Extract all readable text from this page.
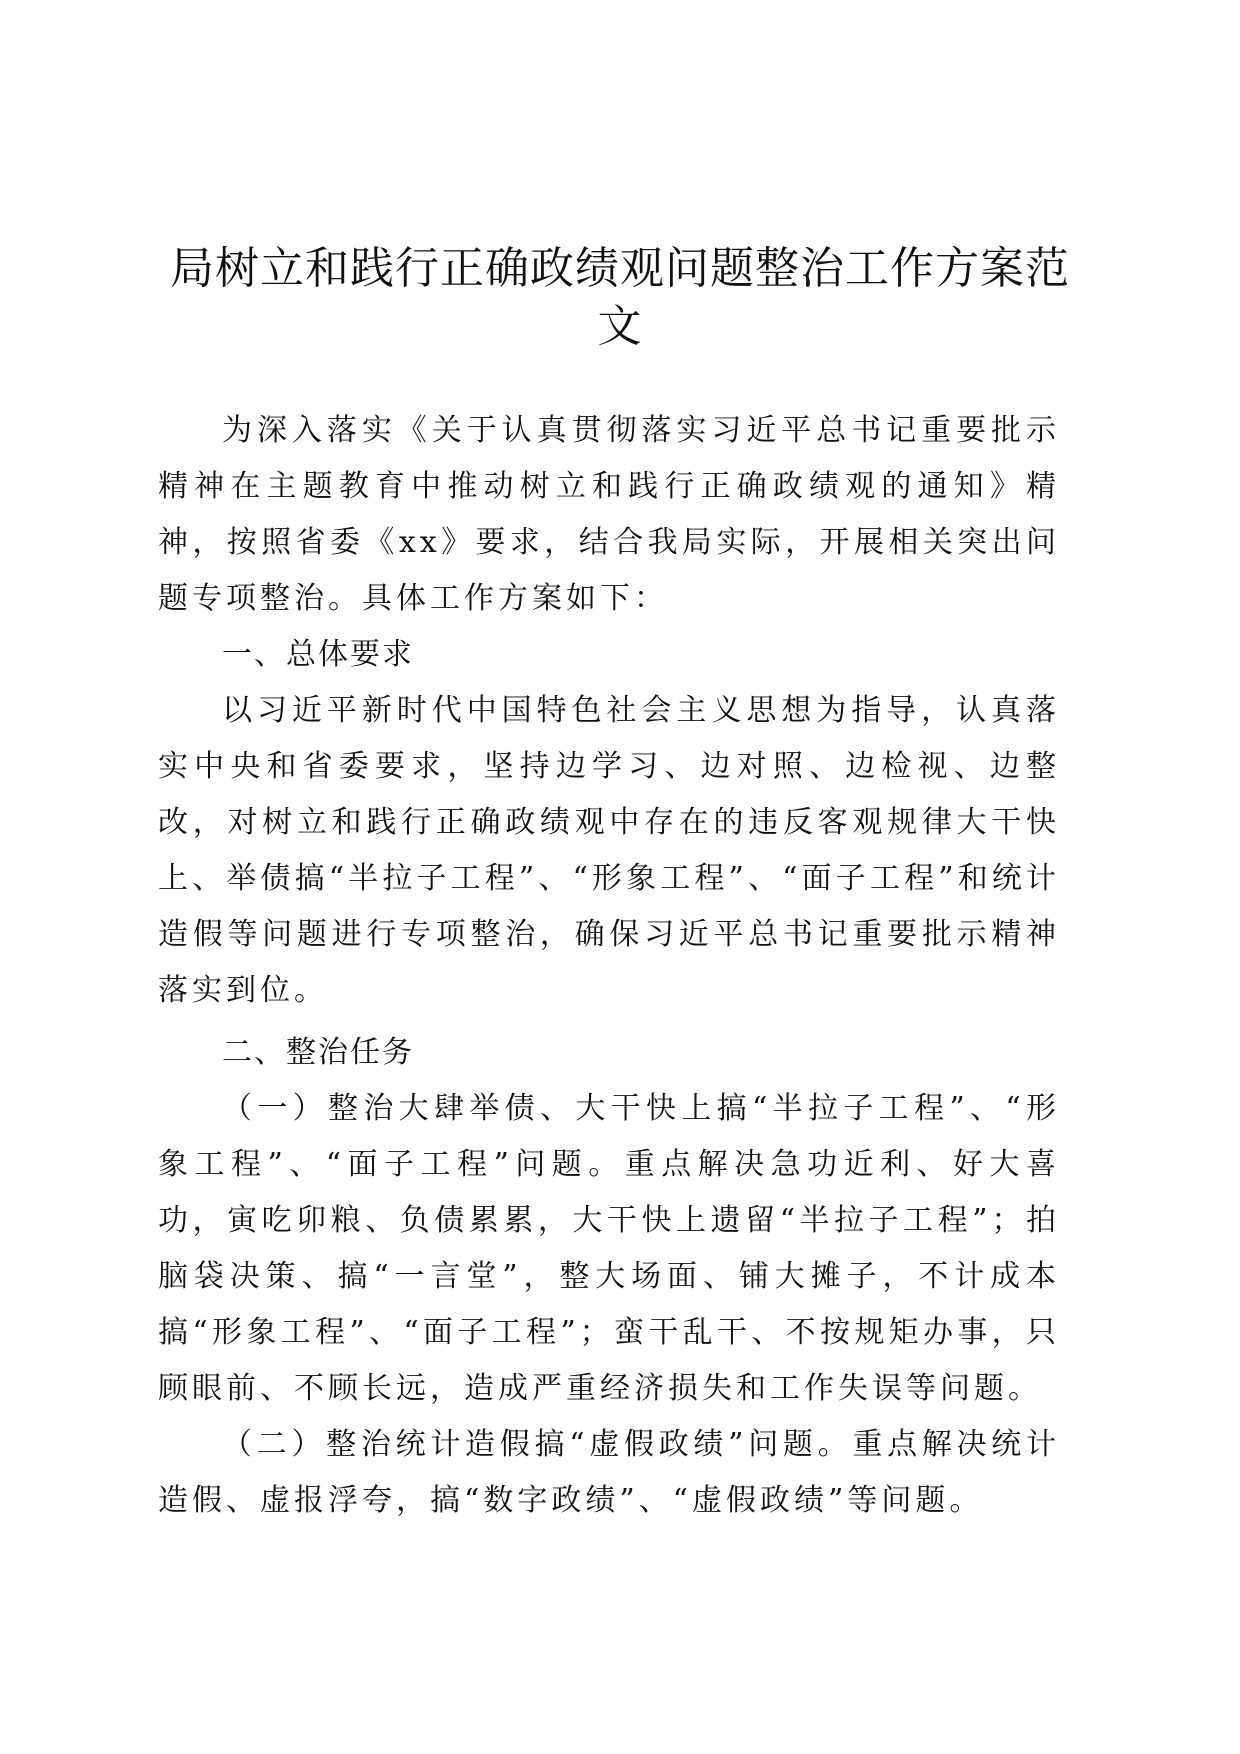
局树立和践行正确政绩观问题整治工作方案范文

为深入落实《关于认真贯彻落实习近平总书记重要批示精神在主题教育中推动树立和践行正确政绩观的通知》精神，按照省委《xx》要求，结合我局实际，开展相关突出问题专项整治。具体工作方案如下：

一、总体要求

以习近平新时代中国特色社会主义思想为指导，认真落实中央和省委要求，坚持边学习、边对照、边检视、边整改，对树立和践行正确政绩观中存在的违反客观规律大干快上、举债搞“半拉子工程”、“形象工程”、“面子工程”和统计造假等问题进行专项整治，确保习近平总书记重要批示精神落实到位。

二、整治任务

（一）整治大肆举债、大干快上搞“半拉子工程”、“形象工程”、“面子工程”问题。重点解决急功近利、好大喜功，寅吃卯粮、负债累累，大干快上遗留“半拉子工程”；拍脑袋决策、搞“一言堂”，整大场面、铺大摊子，不计成本搞“形象工程”、“面子工程”；蛮干乱干、不按规矩办事，只顾眼前、不顾长远，造成严重经济损失和工作失误等问题。

（二）整治统计造假搞“虚假政绩”问题。重点解决统计造假、虚报浮夸，搞“数字政绩”、“虚假政绩”等问题。
